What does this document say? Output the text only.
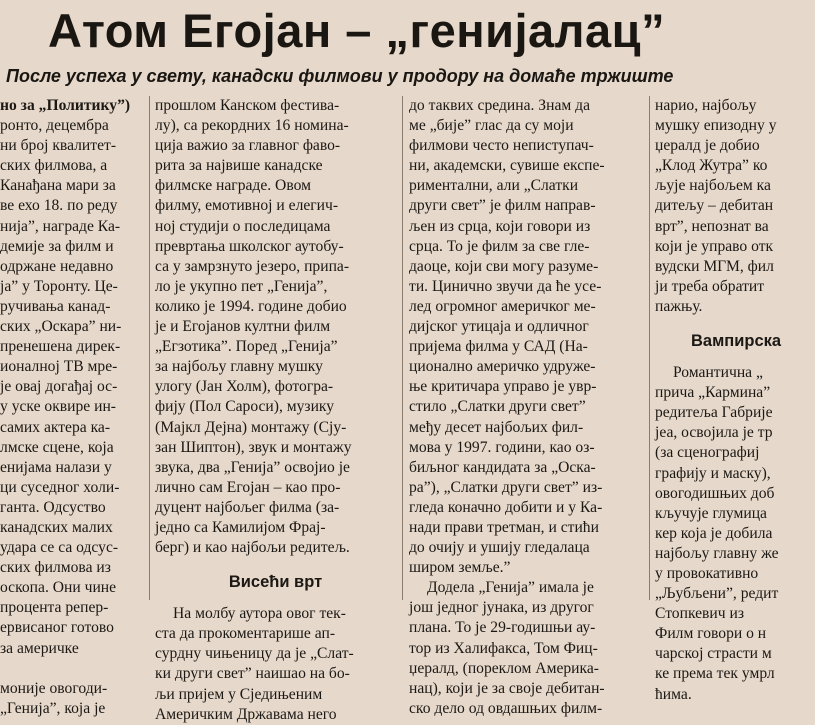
Атом Егојан – „генијалац”
После успеха у свету, канадски филмови у продору на домаће тржиште
но за „Политику”)
ронто, децембра
ни број квалитет-
ских филмова, а
Канађана мари за
ве ехо 18. по реду
нија”, награде Ка-
демије за филм и
одржане недавно
ја” у Торонту. Це-
ручивања канад-
ских „Оскара” ни-
пренешена дирек-
ионалној ТВ мре-
је овај догађај ос-
у уске оквире ин-
самих актера ка-
лмске сцене, која
енијама налази у
ци суседног холи-
ганта. Одсуство
канадских малих
удара се са одсус-
ских филмова из
оскопа. Они чине
процента репер-
ервисаног готово
за америчке

моније овогоди-
„Генија”, која је
прошлом Канском фестива-
лу), са рекордних 16 номина-
ција важио за главног фаво-
рита за највише канадске
филмске награде. Овом
филму, емотивној и елегич-
ној студији о последицама
превртања школског аутобу-
са у замрзнуто језеро, припа-
ло је укупно пет „Генија”,
колико је 1994. године добио
је и Егојанов култни филм
„Егзотика”. Поред „Генија”
за најбољу главну мушку
улогу (Јан Холм), фотогра-
фију (Пол Сароси), музику
(Мајкл Дејна) монтажу (Сју-
зан Шиптон), звук и монтажу
звука, два „Генија” освојио је
лично сам Егојан – као про-
дуцент најбољег филма (за-
једно са Камилијом Фрај-
берг) и као најбољи редитељ.
Висећи врт
На молбу аутора овог тек-
ста да прокоментарише ап-
сурдну чињеницу да је „Слат-
ки други свет” наишао на бо-
љи пријем у Сједињеним
Америчким Државама него
до таквих средина. Знам да
ме „бије” глас да су моји
филмови често непиступач-
ни, академски, сувише експе-
риментални, али „Слатки
други свет” је филм направ-
љен из срца, који говори из
срца. То је филм за све гле-
даоце, који сви могу разуме-
ти. Цинично звучи да ће усе-
лед огромног америчког ме-
дијског утицаја и одличног
пријема филма у САД (На-
ционално америчко удруже-
ње критичара управо је увр-
стило „Слатки други свет”
међу десет најбољих фил-
мова у 1997. години, као оз-
биљног кандидата за „Оска-
ра”), „Слатки други свет” из-
гледа коначно добити и у Ка-
нади прави третман, и стићи
до очију и ушију гледалаца
широм земље.”
Додела „Генија” имала је
још једног јунака, из другог
плана. То је 29-годишњи ау-
тор из Халифакса, Том Фиц-
џералд, (пореклом Америка-
нац), који је за своје дебитан-
ско дело од овдашњих филм-
нарио, најбољу
мушку епизодну у
џералд је добио
„Клод Жутра” ко
љује најбољем ка
дитељу – дебитан
врт”, непознат ва
који је управо отк
вудски МГМ, фил
ји треба обратит
пажњу.
Вампирска
Романтична „
прича „Кармина”
редитеља Габрије
јеа, освојила је тр
(за сценографиј
графију и маску),
овогодишњих доб
кључује глумица
кер која је добила
најбољу главну же
у провокативно
„Љубљени”, редит
Стопкевич из
Филм говори о н
чарској страсти м
ке према тек умрл
ћима.
